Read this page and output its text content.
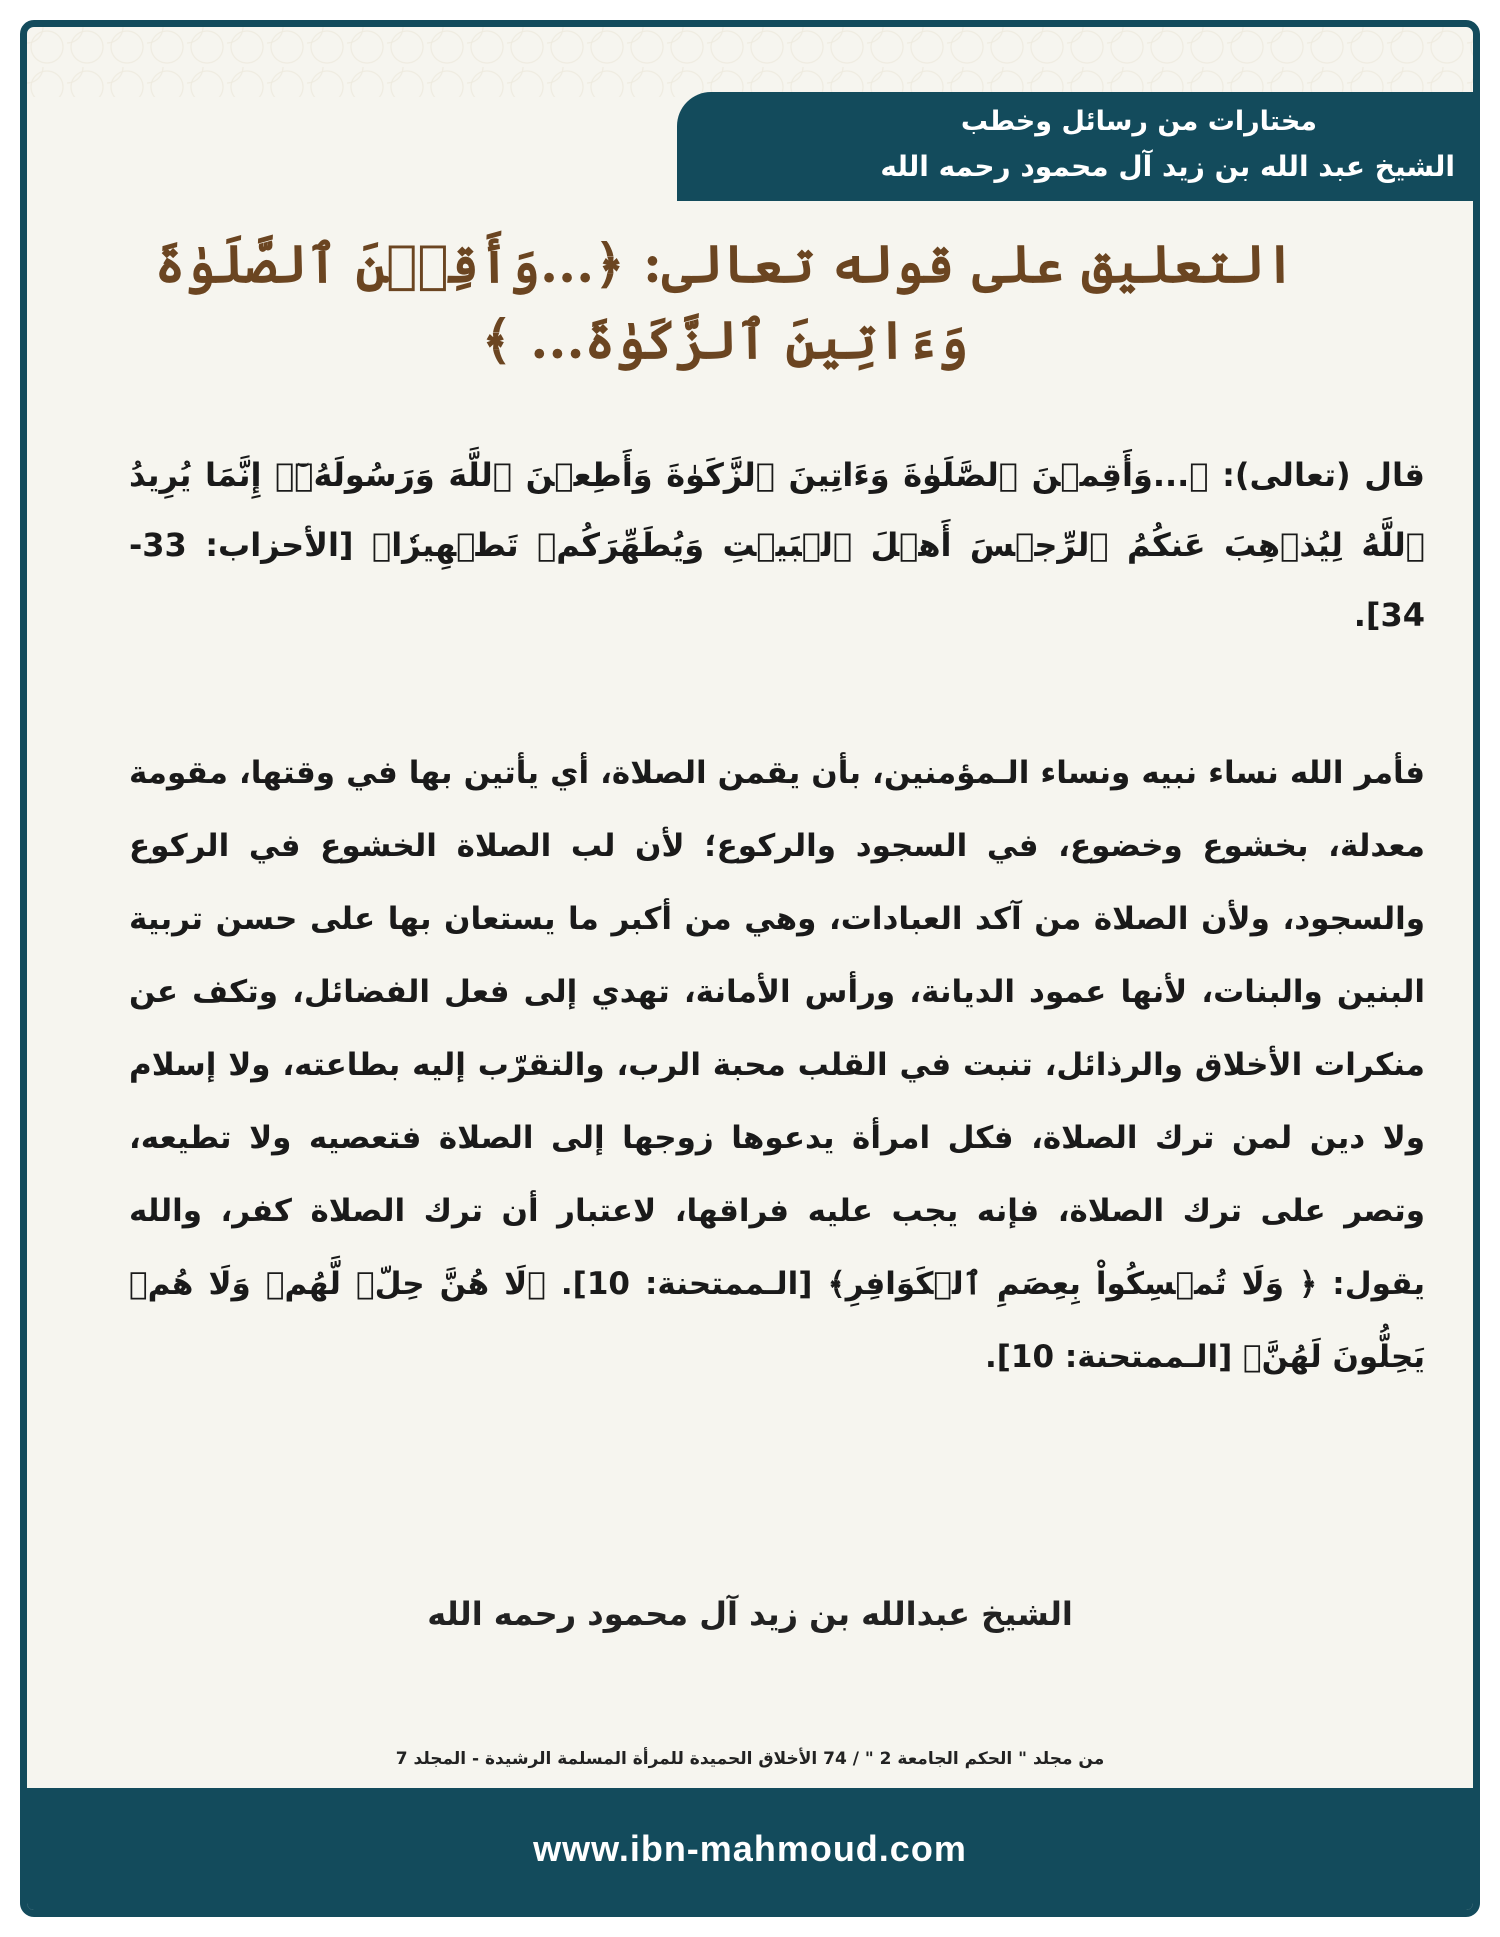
مختارات من رسائل وخطب
الشيخ عبد الله بن زيد آل محمود رحمه الله
التعليق على قوله تعالى: ﴿...وَأَقِمۡنَ ٱلصَّلَوٰةَ وَءَاتِينَ ٱلزَّكَوٰةَ... ﴾
قال (تعالى): ﴿...وَأَقِمۡنَ ٱلصَّلَوٰةَ وَءَاتِينَ ٱلزَّكَوٰةَ وَأَطِعۡنَ ٱللَّهَ وَرَسُولَهُۥٓۚ إِنَّمَا يُرِيدُ ٱللَّهُ لِيُذۡهِبَ عَنكُمُ ٱلرِّجۡسَ أَهۡلَ ٱلۡبَيۡتِ وَيُطَهِّرَكُمۡ تَطۡهِيرٗا﴾ [الأحزاب: 33-34].
فأمر الله نساء نبيه ونساء الـمؤمنين، بأن يقمن الصلاة، أي يأتين بها في وقتها، مقومة معدلة، بخشوع وخضوع، في السجود والركوع؛ لأن لب الصلاة الخشوع في الركوع والسجود، ولأن الصلاة من آكد العبادات، وهي من أكبر ما يستعان بها على حسن تربية البنين والبنات، لأنها عمود الديانة، ورأس الأمانة، تهدي إلى فعل الفضائل، وتكف عن منكرات الأخلاق والرذائل، تنبت في القلب محبة الرب، والتقرّب إليه بطاعته، ولا إسلام ولا دين لمن ترك الصلاة، فكل امرأة يدعوها زوجها إلى الصلاة فتعصيه ولا تطيعه، وتصر على ترك الصلاة، فإنه يجب عليه فراقها، لاعتبار أن ترك الصلاة كفر، والله يقول: ﴿ وَلَا تُمۡسِكُواْ بِعِصَمِ ٱلۡكَوَافِرِ﴾ [الـممتحنة: 10]. ﴿لَا هُنَّ حِلّٞ لَّهُمۡ وَلَا هُمۡ يَحِلُّونَ لَهُنَّ﴾ [الـممتحنة: 10].
الشيخ عبدالله بن زيد آل محمود رحمه الله
من مجلد " الحكم الجامعة 2 " / 74 الأخلاق الحميدة للمرأة المسلمة الرشيدة - المجلد 7
www.ibn-mahmoud.com
